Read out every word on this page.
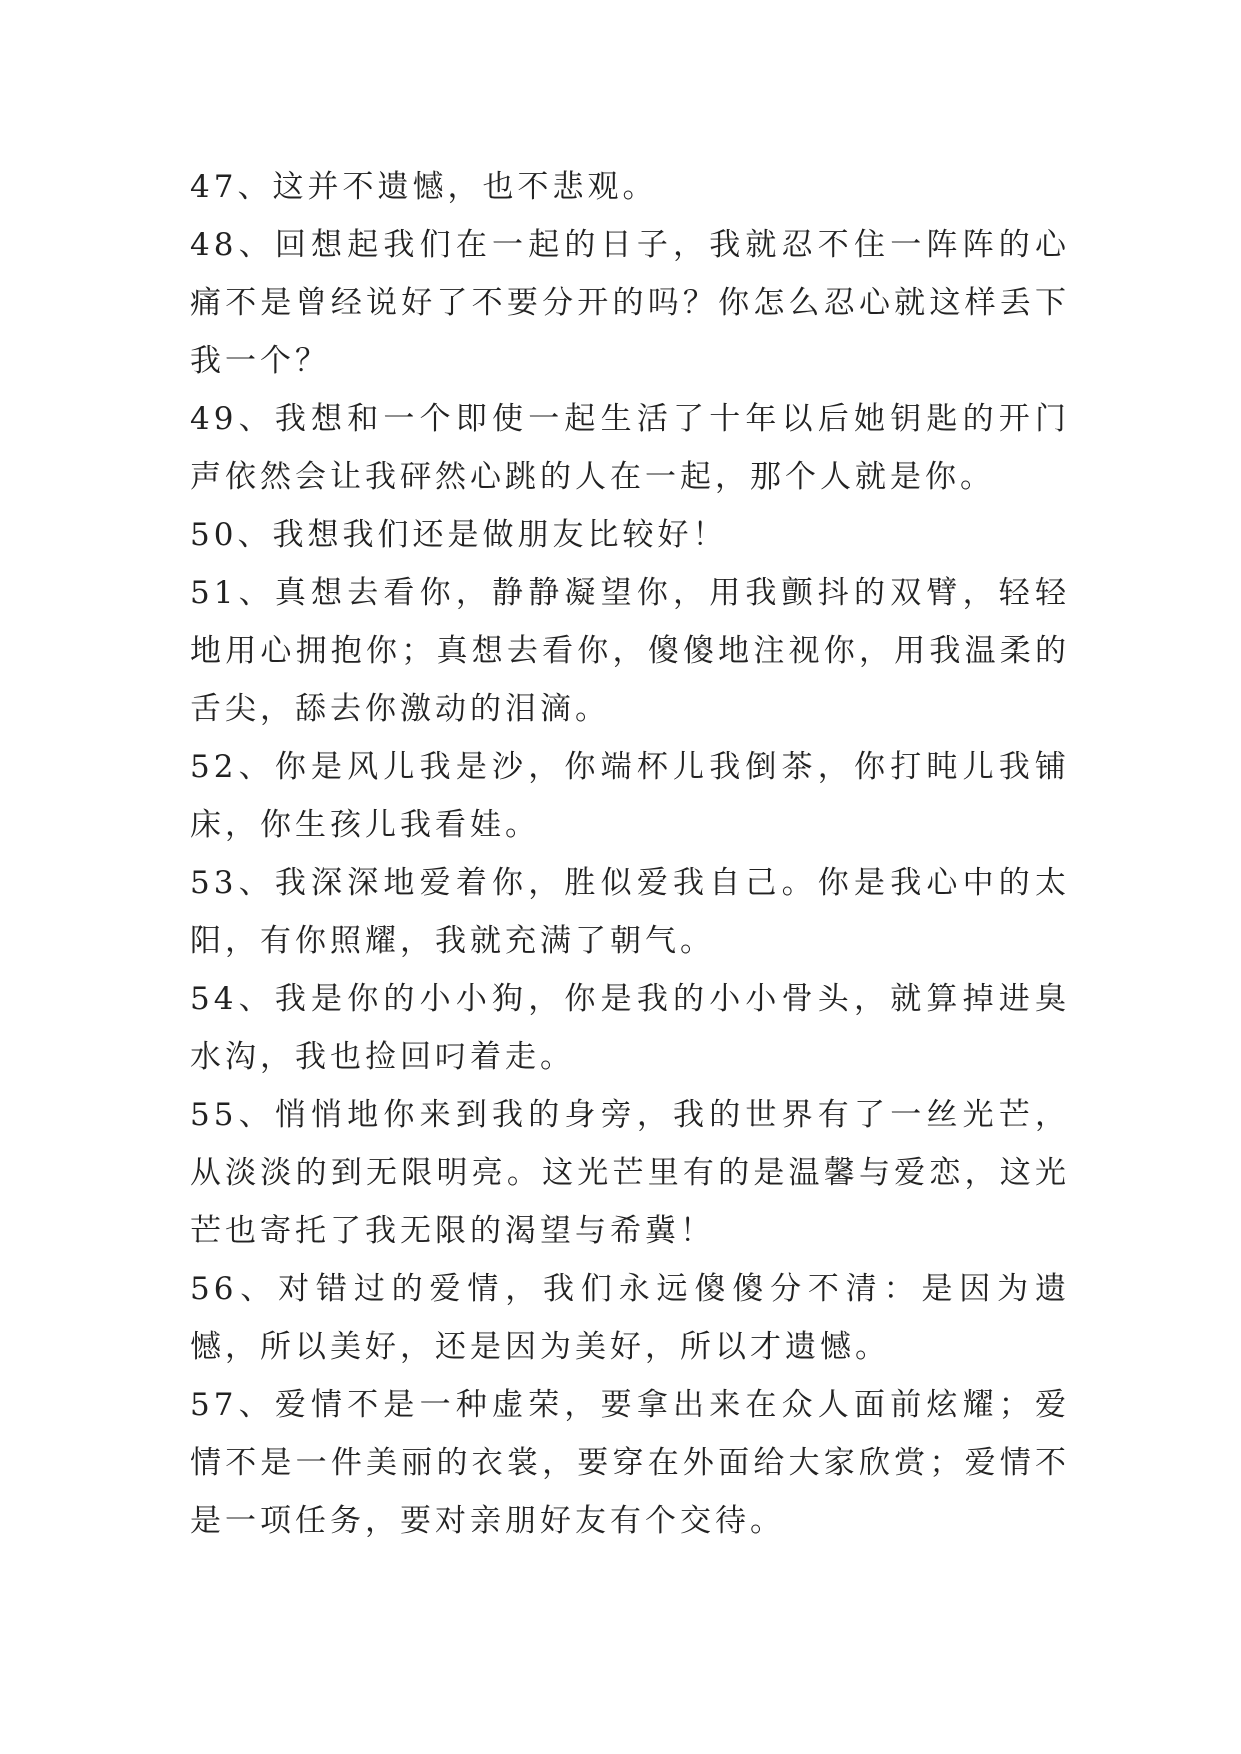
47、这并不遗憾，也不悲观。

48、回想起我们在一起的日子，我就忍不住一阵阵的心痛不是曾经说好了不要分开的吗？你怎么忍心就这样丢下我一个？

49、我想和一个即使一起生活了十年以后她钥匙的开门声依然会让我砰然心跳的人在一起，那个人就是你。

50、我想我们还是做朋友比较好！

51、真想去看你，静静凝望你，用我颤抖的双臂，轻轻地用心拥抱你；真想去看你，傻傻地注视你，用我温柔的舌尖，舔去你激动的泪滴。

52、你是风儿我是沙，你端杯儿我倒茶，你打盹儿我铺床，你生孩儿我看娃。

53、我深深地爱着你，胜似爱我自己。你是我心中的太阳，有你照耀，我就充满了朝气。

54、我是你的小小狗，你是我的小小骨头，就算掉进臭水沟，我也捡回叼着走。

55、悄悄地你来到我的身旁，我的世界有了一丝光芒，从淡淡的到无限明亮。这光芒里有的是温馨与爱恋，这光芒也寄托了我无限的渴望与希冀！

56、对错过的爱情，我们永远傻傻分不清：是因为遗憾，所以美好，还是因为美好，所以才遗憾。

57、爱情不是一种虚荣，要拿出来在众人面前炫耀；爱情不是一件美丽的衣裳，要穿在外面给大家欣赏；爱情不是一项任务，要对亲朋好友有个交待。
